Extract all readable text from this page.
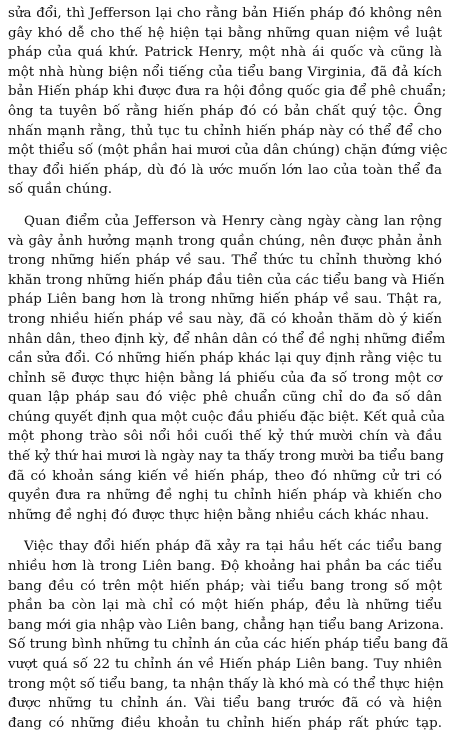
sửa đổi, thì Jefferson lại cho rằng bản Hiến pháp đó không nên
gây khó dễ cho thế hệ hiện tại bằng những quan niệm về luật
pháp của quá khứ. Patrick Henry, một nhà ái quốc và cũng là
một nhà hùng biện nổi tiếng của tiểu bang Virginia, đã đả kích
bản Hiến pháp khi được đưa ra hội đồng quốc gia để phê chuẩn;
ông ta tuyên bố rằng hiến pháp đó có bản chất quý tộc. Ông
nhấn mạnh rằng, thủ tục tu chỉnh hiến pháp này có thể để cho
một thiểu số (một phần hai mươi của dân chúng) chặn đứng việc
thay đổi hiến pháp, dù đó là ước muốn lớn lao của toàn thể đa
số quần chúng.

Quan điểm của Jefferson và Henry càng ngày càng lan rộng
và gây ảnh hưởng mạnh trong quần chúng, nên được phản ảnh
trong những hiến pháp về sau. Thể thức tu chỉnh thường khó
khăn trong những hiến pháp đầu tiên của các tiểu bang và Hiến
pháp Liên bang hơn là trong những hiến pháp về sau. Thật ra,
trong nhiều hiến pháp về sau này, đã có khoản thăm dò ý kiến
nhân dân, theo định kỳ, để nhân dân có thể đề nghị những điểm
cần sửa đổi. Có những hiến pháp khác lại quy định rằng việc tu
chỉnh sẽ được thực hiện bằng lá phiếu của đa số trong một cơ
quan lập pháp sau đó việc phê chuẩn cũng chỉ do đa số dân
chúng quyết định qua một cuộc đầu phiếu đặc biệt. Kết quả của
một phong trào sôi nổi hồi cuối thế kỷ thứ mười chín và đầu
thế kỷ thứ hai mươi là ngày nay ta thấy trong mười ba tiểu bang
đã có khoản sáng kiến về hiến pháp, theo đó những cử tri có
quyền đưa ra những đề nghị tu chỉnh hiến pháp và khiến cho
những đề nghị đó được thực hiện bằng nhiều cách khác nhau.

Việc thay đổi hiến pháp đã xảy ra tại hầu hết các tiểu bang
nhiều hơn là trong Liên bang. Độ khoảng hai phần ba các tiểu
bang đều có trên một hiến pháp; vài tiểu bang trong số một
phần ba còn lại mà chỉ có một hiến pháp, đều là những tiểu
bang mới gia nhập vào Liên bang, chẳng hạn tiểu bang Arizona.
Số trung bình những tu chỉnh án của các hiến pháp tiểu bang đã
vượt quá số 22 tu chỉnh án về Hiến pháp Liên bang. Tuy nhiên
trong một số tiểu bang, ta nhận thấy là khó mà có thể thực hiện
được những tu chỉnh án. Vài tiểu bang trước đã có và hiện
đang có những điều khoản tu chỉnh hiến pháp rất phức tạp.
